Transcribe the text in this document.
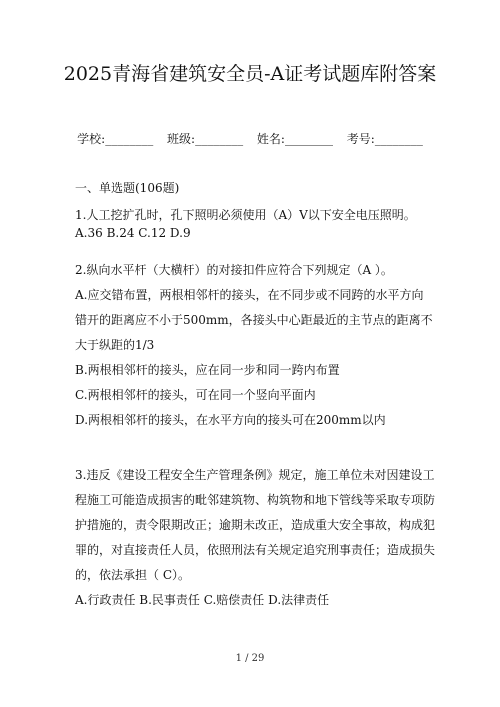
2025青海省建筑安全员-A证考试题库附答案
学校:________ 班级:________ 姓名:________ 考号:________
一、单选题(106题)

1.人工挖扩孔时，孔下照明必须使用（A）V以下安全电压照明。

A.36 B.24 C.12 D.9

2.纵向水平杆（大横杆）的对接扣件应符合下列规定（A ）。

A.应交错布置，两根相邻杆的接头，在不同步或不同跨的水平方向错开的距离应不小于500mm，各接头中心距最近的主节点的距离不大于纵距的1/3

B.两根相邻杆的接头，应在同一步和同一跨内布置

C.两根相邻杆的接头，可在同一个竖向平面内

D.两根相邻杆的接头，在水平方向的接头可在200mm以内

3.违反《建设工程安全生产管理条例》规定，施工单位未对因建设工程施工可能造成损害的毗邻建筑物、构筑物和地下管线等采取专项防护措施的，责令限期改正；逾期未改正，造成重大安全事故，构成犯罪的，对直接责任人员，依照刑法有关规定追究刑事责任；造成损失的，依法承担（ C）。

A.行政责任 B.民事责任 C.赔偿责任 D.法律责任

1 / 29
